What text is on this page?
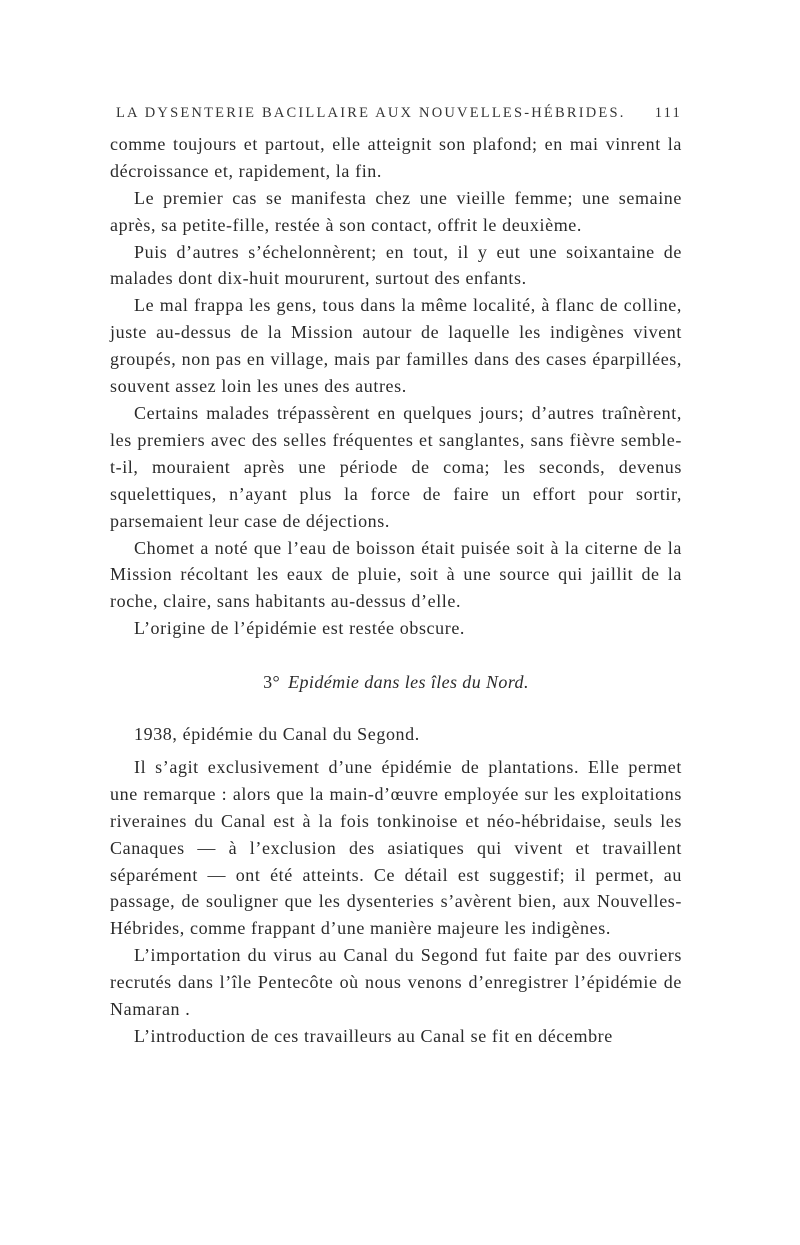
LA DYSENTERIE BACILLAIRE AUX NOUVELLES-HÉBRIDES. 111

comme toujours et partout, elle atteignit son plafond; en mai vinrent la décroissance et, rapidement, la fin.

Le premier cas se manifesta chez une vieille femme; une semaine après, sa petite-fille, restée à son contact, offrit le deuxième.

Puis d’autres s’échelonnèrent; en tout, il y eut une soixantaine de malades dont dix-huit moururent, surtout des enfants.

Le mal frappa les gens, tous dans la même localité, à flanc de colline, juste au-dessus de la Mission autour de laquelle les indigènes vivent groupés, non pas en village, mais par familles dans des cases éparpillées, souvent assez loin les unes des autres.

Certains malades trépassèrent en quelques jours; d’autres traînèrent, les premiers avec des selles fréquentes et sanglantes, sans fièvre semble-t-il, mouraient après une période de coma; les seconds, devenus squelettiques, n’ayant plus la force de faire un effort pour sortir, parsemaient leur case de déjections.

Chomet a noté que l’eau de boisson était puisée soit à la citerne de la Mission récoltant les eaux de pluie, soit à une source qui jaillit de la roche, claire, sans habitants au-dessus d’elle.

L’origine de l’épidémie est restée obscure.

3° Epidémie dans les îles du Nord.

1938, épidémie du Canal du Segond.

Il s’agit exclusivement d’une épidémie de plantations. Elle permet une remarque : alors que la main-d’œuvre employée sur les exploitations riveraines du Canal est à la fois tonkinoise et néo-hébridaise, seuls les Canaques — à l’exclusion des asiatiques qui vivent et travaillent séparément — ont été atteints. Ce détail est suggestif; il permet, au passage, de souligner que les dysenteries s’avèrent bien, aux Nouvelles-Hébrides, comme frappant d’une manière majeure les indigènes.

L’importation du virus au Canal du Segond fut faite par des ouvriers recrutés dans l’île Pentecôte où nous venons d’enregistrer l’épidémie de Namaran .

L’introduction de ces travailleurs au Canal se fit en décembre
